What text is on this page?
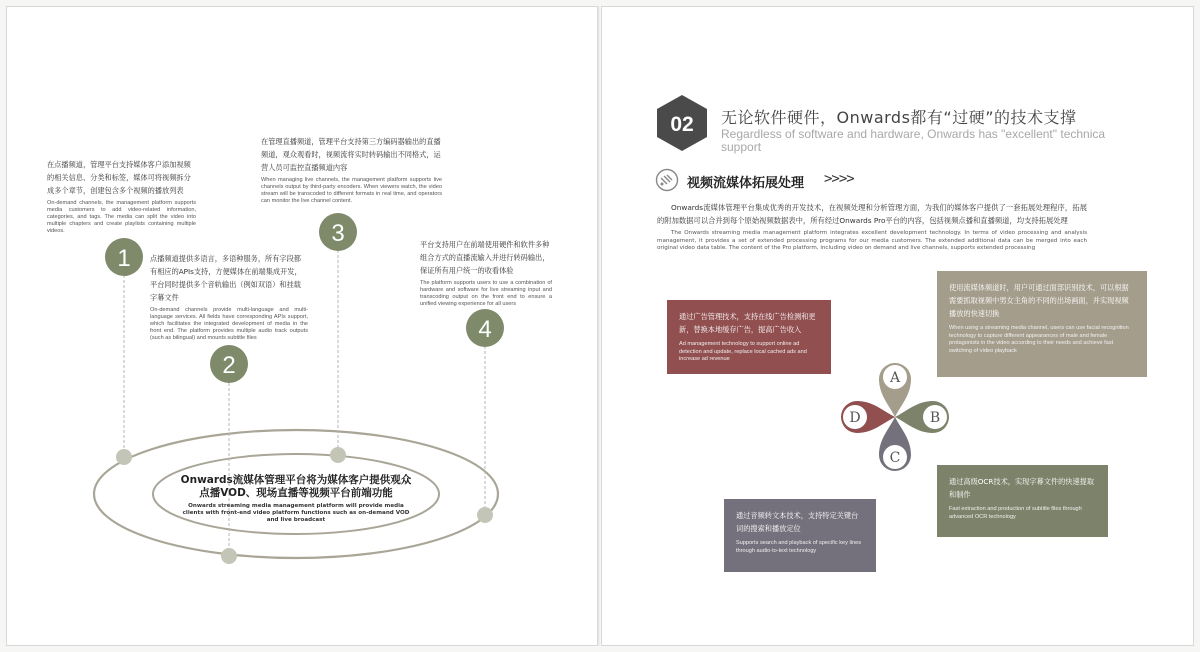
1
2
3
4
在点播频道，管理平台支持媒体客户添加视频的相关信息、分类和标签，媒体可将视频拆分成多个章节，创建包含多个视频的播放列表
On-demand channels, the management platform supports media customers to add video-related information, categories, and tags. The media can split the video into multiple chapters and create playlists containing multiple videos.
点播频道提供多语言，多语种服务，所有字段都有相应的APIs支持，方便媒体在前端集成开发，平台同时提供多个音轨输出（例如双语）和挂载字幕文件
On-demand channels provide multi-language and multi-language services. All fields have corresponding APIs support, which facilitates the integrated development of media in the front end. The platform provides multiple audio track outputs (such as bilingual) and mounts subtitle files
在管理直播频道，管理平台支持第三方编码器输出的直播频道，观众观看时，视频流将实时转码输出不同格式，运营人员可监控直播频道内容
When managing live channels, the management platform supports live channels output by third-party encoders. When viewers watch, the video stream will be transcoded to different formats in real time, and operators can monitor the live channel content.
平台支持用户在前端使用硬件和软件多种组合方式的直播流输入并进行转码输出，保证所有用户统一的收看体验
The platform supports users to use a combination of hardware and software for live streaming input and transcoding output on the front end to ensure a unified viewing experience for all users
Onwards流媒体管理平台将为媒体客户提供观众
点播VOD、现场直播等视频平台前端功能
Onwards streaming media management platform will provide media clients with front-end video platform functions such as on-demand VOD and live broadcast
02 无论软件硬件，Onwards都有“过硬”的技术支撑
Regardless of software and hardware, Onwards has "excellent" technica
support
视频流媒体拓展处理 >>>>
Onwards流媒体管理平台集成优秀的开发技术，在视频处理和分析管理方面，为我们的媒体客户提供了一套拓展处理程序，拓展的附加数据可以合并到每个原始视频数据表中，所有经过Onwards Pro平台的内容，包括视频点播和直播频道，均支持拓展处理
The Onwards streaming media management platform integrates excellent development technology. In terms of video processing and analysis management, it provides a set of extended processing programs for our media customers. The extended additional data can be merged into each original video data table. The content of the Pro platform, including video on demand and live channels, supports extended processing
A
B
C
D
通过广告管理技术，支持在线广告检测和更新，替换本地缓存广告，提高广告收入
Ad management technology to support online ad detection and update, replace local cached ads and increase ad revenue
使用流媒体频道时，用户可通过面部识别技术，可以根据需要抓取视频中男女主角的不同的出场画面，并实现视频播放的快速切换
When using a streaming media channel, users can use facial recognition technology to capture different appearances of male and female protagonists in the video according to their needs and achieve fast switching of video playback
通过高级OCR技术，实现字幕文件的快速提取和制作
Fast extraction and production of subtitle files through advanced OCR technology
通过音频转文本技术，支持特定关键台词的搜索和播放定位
Supports search and playback of specific key lines through audio-to-text technology
